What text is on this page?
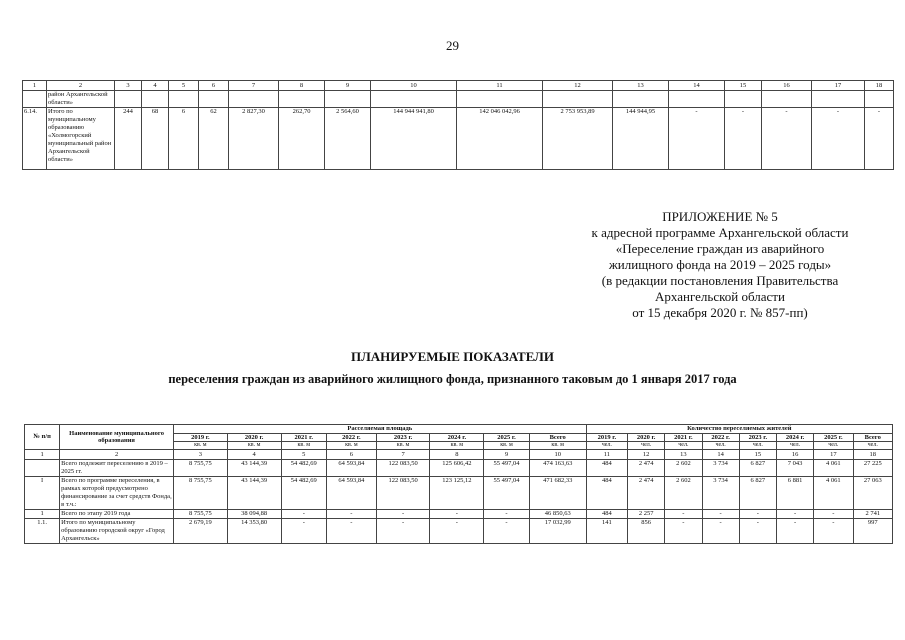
29
1	2	3	4	5	6	7	8	9	10	11	12	13	14	15	16	17	18
	район Архангельской области»																
6.14.	Итого по муниципальному образованию «Холмогорский муниципальный район Архангельской области»	244	68	6	62	2 827,30	262,70	2 564,60	144 944 941,80	142 046 042,96	2 753 953,89	144 944,95	-	-	-	-	-
ПРИЛОЖЕНИЕ № 5
к адресной программе Архангельской области
«Переселение граждан из аварийного
жилищного фонда на 2019 – 2025 годы»
(в редакции постановления Правительства
Архангельской области
от 15 декабря 2020 г. № 857-пп)
ПЛАНИРУЕМЫЕ ПОКАЗАТЕЛИ
переселения граждан из аварийного жилищного фонда, признанного таковым до 1 января 2017 года
№ п/п	Наименование муниципального образования	Расселяемая площадь								Количество переселяемых жителей							
		2019 г.	2020 г.	2021 г.	2022 г.	2023 г.	2024 г.	2025 г.	Всего	2019 г.	2020 г.	2021 г.	2022 г.	2023 г.	2024 г.	2025 г.	Всего
		кв. м	кв. м	кв. м	кв. м	кв. м	кв. м	кв. м	кв. м	чел.	чел.	чел.	чел.	чел.	чел.	чел.	чел.
1	2	3	4	5	6	7	8	9	10	11	12	13	14	15	16	17	18
	Всего подлежит переселению в 2019 – 2025 гг.	8 755,75	43 144,39	54 482,69	64 593,84	122 083,50	125 606,42	55 497,04	474 163,63	484	2 474	2 602	3 734	6 827	7 043	4 061	27 225
I	Всего по программе переселения, в рамках которой предусмотрено финансирование за счет средств Фонда, в т.ч.:	8 755,75	43 144,39	54 482,69	64 593,84	122 083,50	123 125,12	55 497,04	471 682,33	484	2 474	2 602	3 734	6 827	6 881	4 061	27 063
1	Всего по этапу 2019 года	8 755,75	38 094,88	-	-	-	-	-	46 850,63	484	2 257	-	-	-	-	-	2 741
1.1.	Итого по муниципальному образованию городской округ «Город Архангельск»	2 679,19	14 353,80	-	-	-	-	-	17 032,99	141	856	-	-	-	-	-	997
